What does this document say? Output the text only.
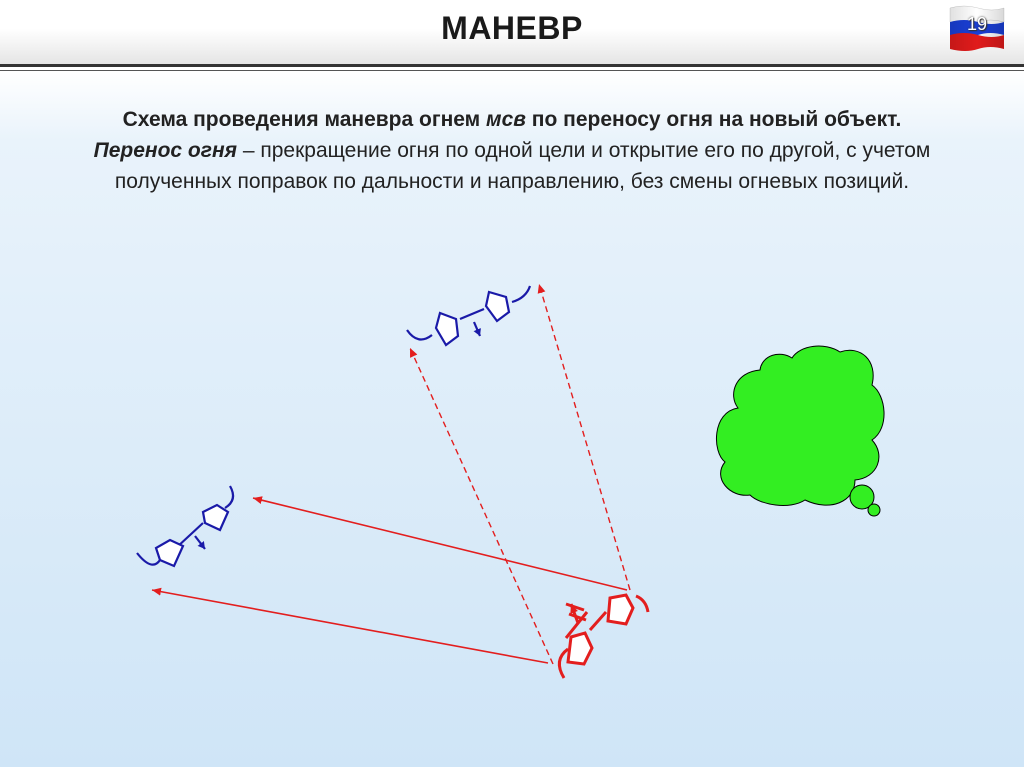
МАНЕВР	19
Схема проведения маневра огнем мсв по переносу огня на новый объект.
Перенос огня – прекращение огня по одной цели и открытие его по другой, с учетом полученных поправок по дальности и направлению, без смены огневых позиций.
